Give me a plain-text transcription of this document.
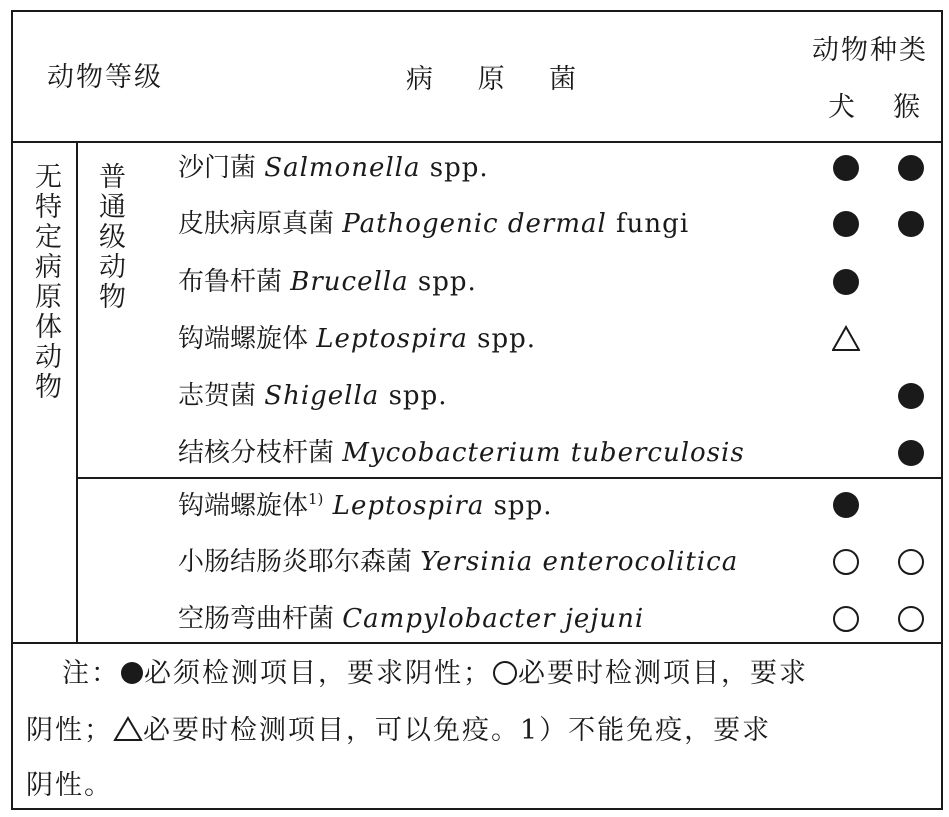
动物等级	病 原 菌
动物种类
犬 猴
无特定病原体动物 普通级动物 沙门菌 Salmonella spp.
皮肤病原真菌 Pathogenic dermal fungi
布鲁杆菌 Brucella spp.
钩端螺旋体 Leptospira spp.
志贺菌 Shigella spp.
结核分枝杆菌 Mycobacterium tuberculosis
钩端螺旋体$^{1)}$ Leptospira spp.
小肠结肠炎耶尔森菌 Yersinia enterocolitica
空肠弯曲杆菌 Campylobacter jejuni
注： 必须检测项目，要求阴性； 必要时检测项目，要求
阴性； 必要时检测项目，可以免疫。1）不能免疫，要求
阴性。
